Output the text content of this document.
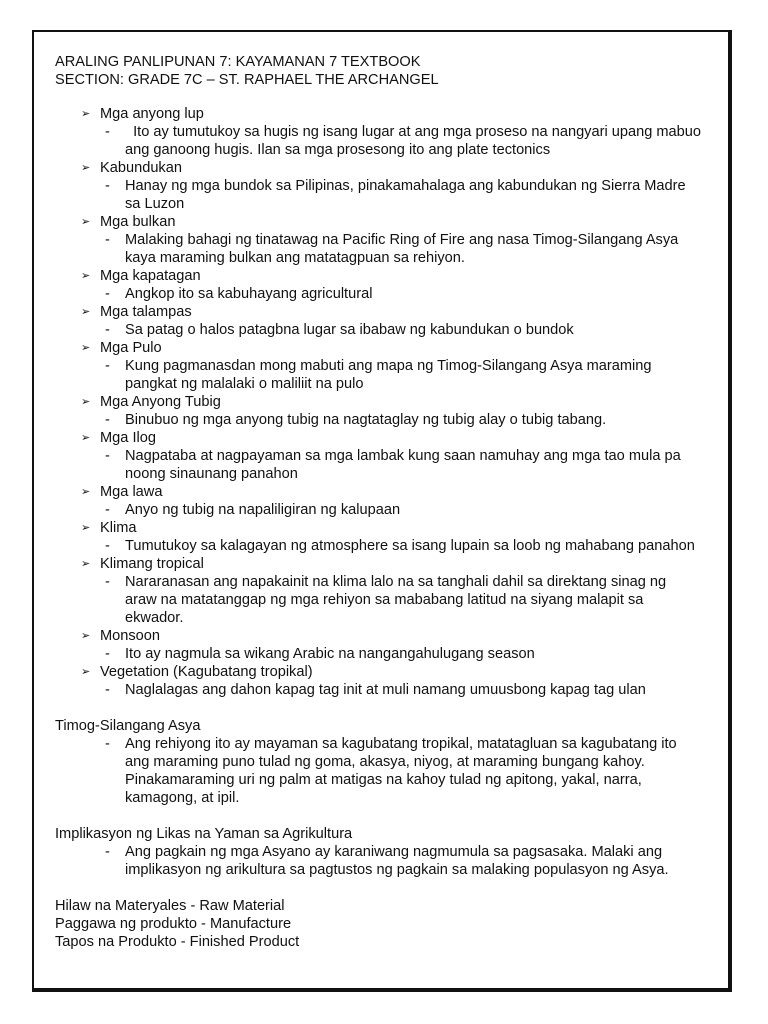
ARALING PANLIPUNAN 7: KAYAMANAN 7 TEXTBOOK

SECTION: GRADE 7C – ST. RAPHAEL THE ARCHANGEL

➢ Mga anyong lup
- Ito ay tumutukoy sa hugis ng isang lugar at ang mga proseso na nangyari upang mabuo
ang ganoong hugis. Ilan sa mga prosesong ito ang plate tectonics
➢ Kabundukan
- Hanay ng mga bundok sa Pilipinas, pinakamahalaga ang kabundukan ng Sierra Madre
sa Luzon
➢ Mga bulkan
- Malaking bahagi ng tinatawag na Pacific Ring of Fire ang nasa Timog-Silangang Asya
kaya maraming bulkan ang matatagpuan sa rehiyon.
➢ Mga kapatagan
- Angkop ito sa kabuhayang agricultural
➢ Mga talampas
- Sa patag o halos patagbna lugar sa ibabaw ng kabundukan o bundok
➢ Mga Pulo
- Kung pagmanasdan mong mabuti ang mapa ng Timog-Silangang Asya maraming
pangkat ng malalaki o maliliit na pulo
➢ Mga Anyong Tubig
- Binubuo ng mga anyong tubig na nagtataglay ng tubig alay o tubig tabang.
➢ Mga Ilog
- Nagpataba at nagpayaman sa mga lambak kung saan namuhay ang mga tao mula pa
noong sinaunang panahon
➢ Mga lawa
- Anyo ng tubig na napaliligiran ng kalupaan
➢ Klima
- Tumutukoy sa kalagayan ng atmosphere sa isang lupain sa loob ng mahabang panahon
➢ Klimang tropical
- Nararanasan ang napakainit na klima lalo na sa tanghali dahil sa direktang sinag ng
araw na matatanggap ng mga rehiyon sa mababang latitud na siyang malapit sa
ekwador.
➢ Monsoon
- Ito ay nagmula sa wikang Arabic na nangangahulugang season
➢ Vegetation (Kagubatang tropikal)
- Naglalagas ang dahon kapag tag init at muli namang umuusbong kapag tag ulan

Timog-Silangang Asya

- Ang rehiyong ito ay mayaman sa kagubatang tropikal, matatagluan sa kagubatang ito
ang maraming puno tulad ng goma, akasya, niyog, at maraming bungang kahoy.
Pinakamaraming uri ng palm at matigas na kahoy tulad ng apitong, yakal, narra,
kamagong, at ipil.

Implikasyon ng Likas na Yaman sa Agrikultura

- Ang pagkain ng mga Asyano ay karaniwang nagmumula sa pagsasaka. Malaki ang
implikasyon ng arikultura sa pagtustos ng pagkain sa malaking populasyon ng Asya.

Hilaw na Materyales - Raw Material

Paggawa ng produkto - Manufacture

Tapos na Produkto - Finished Product
